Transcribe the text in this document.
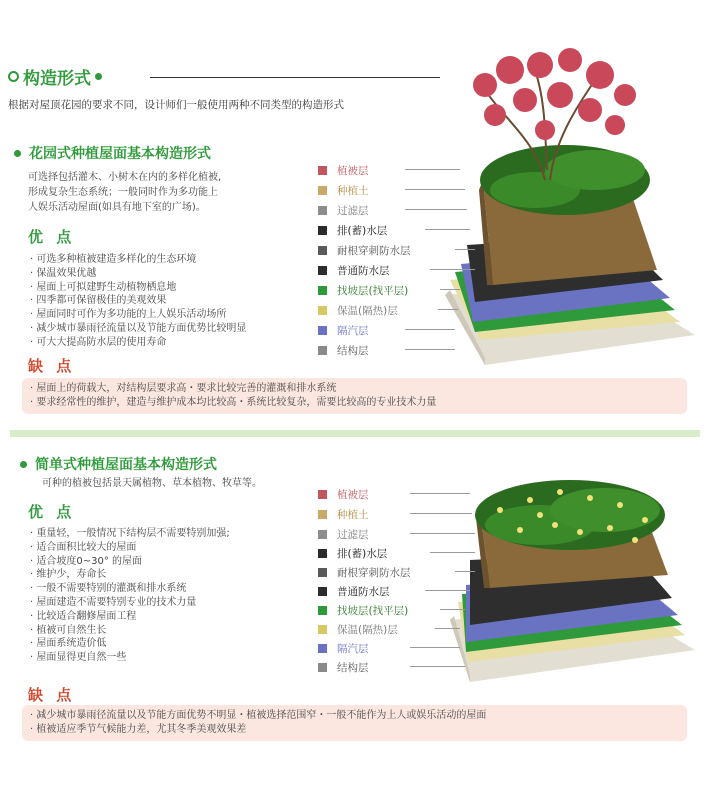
构造形式
根据对屋顶花园的要求不同，设计师们一般使用两种不同类型的构造形式
花园式种植屋面基本构造形式
可选择包括灌木、小树木在内的多样化植被,
形成复杂生态系统；一般同时作为多功能上
人娱乐活动屋面(如具有地下室的广场)。
优 点
· 可选多种植被建造多样化的生态环境
· 保温效果优越
· 屋面上可拟建野生动植物栖息地
· 四季都可保留极佳的美观效果
· 屋面同时可作为多功能的上人娱乐活动场所
· 减少城市暴雨径流量以及节能方面优势比较明显
· 可大大提高防水层的使用寿命
缺 点
· 屋面上的荷载大，对结构层要求高・要求比较完善的灌溉和排水系统
· 要求经常性的维护，建造与维护成本均比较高・系统比较复杂，需要比较高的专业技术力量
植被层
种植土
过滤层
排(蓄)水层
耐根穿刺防水层
普通防水层
找坡层(找平层)
保温(隔热)层
隔汽层
结构层
简单式种植屋面基本构造形式
可种的植被包括景天属植物、草本植物、牧草等。
优 点
· 重量轻，一般情况下结构层不需要特别加强;
· 适合面积比较大的屋面
· 适合坡度0~30° 的屋面
· 维护少，寿命长
· 一般不需要特别的灌溉和排水系统
· 屋面建造不需要特别专业的技术力量
· 比较适合翻修屋面工程
· 植被可自然生长
· 屋面系统造价低
· 屋面显得更自然一些
缺 点
· 减少城市暴雨径流量以及节能方面优势不明显・植被选择范围窄・一般不能作为上人或娱乐活动的屋面
· 植被适应季节气候能力差，尤其冬季美观效果差
植被层
种植土
过滤层
排(蓄)水层
耐根穿刺防水层
普通防水层
找坡层(找平层)
保温(隔热)层
隔汽层
结构层
